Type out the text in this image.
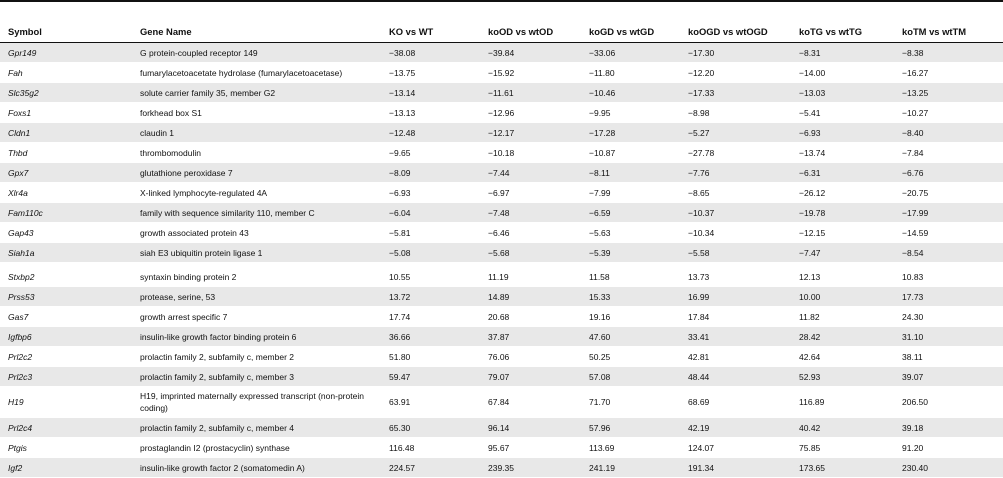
Symbol	Gene Name	KO vs WT	koOD vs wtOD	koGD vs wtGD	koOGD vs wtOGD	koTG vs wtTG	koTM vs wtTM
Gpr149	G protein-coupled receptor 149	−38.08	−39.84	−33.06	−17.30	−8.31	−8.38
Fah	fumarylacetoacetate hydrolase (fumarylacetoacetase)	−13.75	−15.92	−11.80	−12.20	−14.00	−16.27
Slc35g2	solute carrier family 35, member G2	−13.14	−11.61	−10.46	−17.33	−13.03	−13.25
Foxs1	forkhead box S1	−13.13	−12.96	−9.95	−8.98	−5.41	−10.27
Cldn1	claudin 1	−12.48	−12.17	−17.28	−5.27	−6.93	−8.40
Thbd	thrombomodulin	−9.65	−10.18	−10.87	−27.78	−13.74	−7.84
Gpx7	glutathione peroxidase 7	−8.09	−7.44	−8.11	−7.76	−6.31	−6.76
Xlr4a	X-linked lymphocyte-regulated 4A	−6.93	−6.97	−7.99	−8.65	−26.12	−20.75
Fam110c	family with sequence similarity 110, member C	−6.04	−7.48	−6.59	−10.37	−19.78	−17.99
Gap43	growth associated protein 43	−5.81	−6.46	−5.63	−10.34	−12.15	−14.59
Siah1a	siah E3 ubiquitin protein ligase 1	−5.08	−5.68	−5.39	−5.58	−7.47	−8.54
Stxbp2	syntaxin binding protein 2	10.55	11.19	11.58	13.73	12.13	10.83
Prss53	protease, serine, 53	13.72	14.89	15.33	16.99	10.00	17.73
Gas7	growth arrest specific 7	17.74	20.68	19.16	17.84	11.82	24.30
Igfbp6	insulin-like growth factor binding protein 6	36.66	37.87	47.60	33.41	28.42	31.10
Prl2c2	prolactin family 2, subfamily c, member 2	51.80	76.06	50.25	42.81	42.64	38.11
Prl2c3	prolactin family 2, subfamily c, member 3	59.47	79.07	57.08	48.44	52.93	39.07
H19	H19, imprinted maternally expressed transcript (non-protein coding)	63.91	67.84	71.70	68.69	116.89	206.50
Prl2c4	prolactin family 2, subfamily c, member 4	65.30	96.14	57.96	42.19	40.42	39.18
Ptgis	prostaglandin I2 (prostacyclin) synthase	116.48	95.67	113.69	124.07	75.85	91.20
Igf2	insulin-like growth factor 2 (somatomedin A)	224.57	239.35	241.19	191.34	173.65	230.40
